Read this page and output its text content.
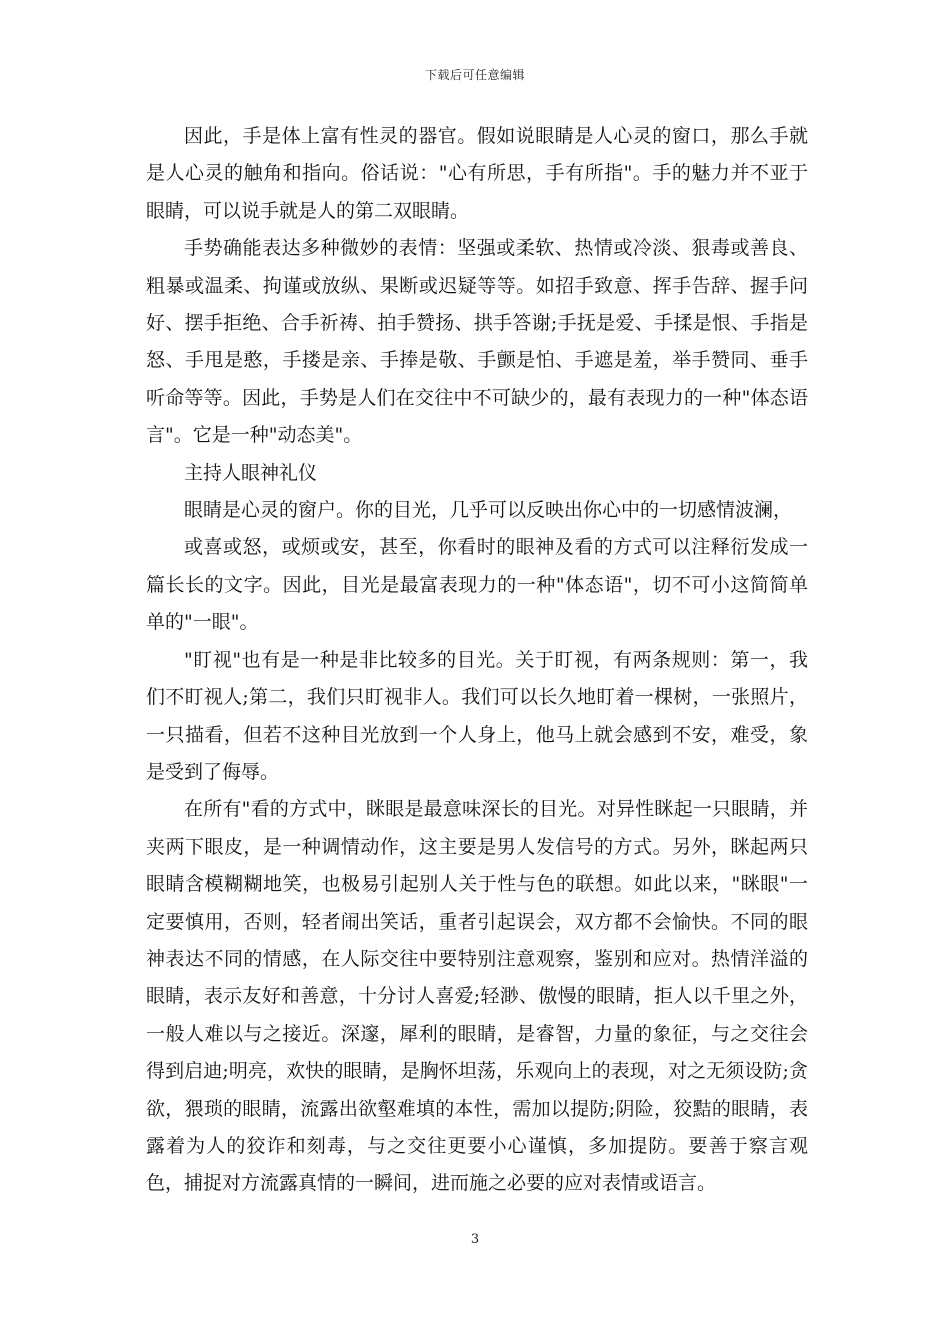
下载后可任意编辑

因此，手是体上富有性灵的器官。假如说眼睛是人心灵的窗口，那么手就是人心灵的触角和指向。俗话说："心有所思，手有所指"。手的魅力并不亚于眼睛，可以说手就是人的第二双眼睛。

手势确能表达多种微妙的表情：坚强或柔软、热情或冷淡、狠毒或善良、粗暴或温柔、拘谨或放纵、果断或迟疑等等。如招手致意、挥手告辞、握手问好、摆手拒绝、合手祈祷、拍手赞扬、拱手答谢;手抚是爱、手揉是恨、手指是怒、手甩是憨，手搂是亲、手捧是敬、手颤是怕、手遮是羞，举手赞同、垂手听命等等。因此，手势是人们在交往中不可缺少的，最有表现力的一种"体态语言"。它是一种"动态美"。

主持人眼神礼仪

眼睛是心灵的窗户。你的目光，几乎可以反映出你心中的一切感情波澜，

或喜或怒，或烦或安，甚至，你看时的眼神及看的方式可以注释衍发成一篇长长的文字。因此，目光是最富表现力的一种"体态语"，切不可小这简简单单的"一眼"。

"盯视"也有是一种是非比较多的目光。关于盯视，有两条规则：第一，我们不盯视人;第二，我们只盯视非人。我们可以长久地盯着一棵树，一张照片，一只描看，但若不这种目光放到一个人身上，他马上就会感到不安，难受，象是受到了侮辱。

在所有"看的方式中，眯眼是最意味深长的目光。对异性眯起一只眼睛，并夹两下眼皮，是一种调情动作，这主要是男人发信号的方式。另外，眯起两只眼睛含模糊糊地笑，也极易引起别人关于性与色的联想。如此以来，"眯眼"一定要慎用，否则，轻者闹出笑话，重者引起误会，双方都不会愉快。不同的眼神表达不同的情感，在人际交往中要特别注意观察，鉴别和应对。热情洋溢的眼睛，表示友好和善意，十分讨人喜爱;轻渺、傲慢的眼睛，拒人以千里之外，一般人难以与之接近。深邃，犀利的眼睛，是睿智，力量的象征，与之交往会得到启迪;明亮，欢快的眼睛，是胸怀坦荡，乐观向上的表现，对之无须设防;贪欲，猥琐的眼睛，流露出欲壑难填的本性，需加以提防;阴险，狡黠的眼睛，表露着为人的狡诈和刻毒，与之交往更要小心谨慎，多加提防。要善于察言观色，捕捉对方流露真情的一瞬间，进而施之必要的应对表情或语言。

3
